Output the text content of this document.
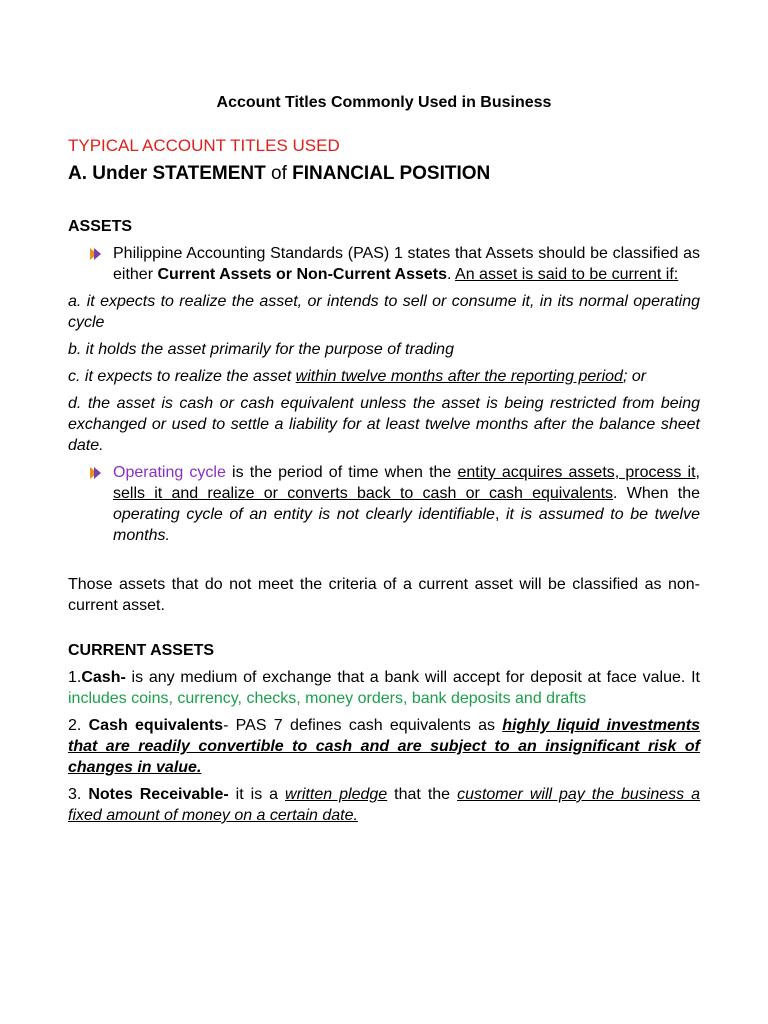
Account Titles Commonly Used in Business
TYPICAL ACCOUNT TITLES USED
A. Under STATEMENT of FINANCIAL POSITION
ASSETS
Philippine Accounting Standards (PAS) 1 states that Assets should be classified as either Current Assets or Non-Current Assets. An asset is said to be current if:

a. it expects to realize the asset, or intends to sell or consume it, in its normal operating cycle

b. it holds the asset primarily for the purpose of trading

c. it expects to realize the asset within twelve months after the reporting period; or

d. the asset is cash or cash equivalent unless the asset is being restricted from being exchanged or used to settle a liability for at least twelve months after the balance sheet date.

Operating cycle is the period of time when the entity acquires assets, process it, sells it and realize or converts back to cash or cash equivalents. When the operating cycle of an entity is not clearly identifiable, it is assumed to be twelve months.

Those assets that do not meet the criteria of a current asset will be classified as non-current asset.

CURRENT ASSETS

1.Cash- is any medium of exchange that a bank will accept for deposit at face value. It includes coins, currency, checks, money orders, bank deposits and drafts

2. Cash equivalents- PAS 7 defines cash equivalents as highly liquid investments that are readily convertible to cash and are subject to an insignificant risk of changes in value.

3. Notes Receivable- it is a written pledge that the customer will pay the business a fixed amount of money on a certain date.
